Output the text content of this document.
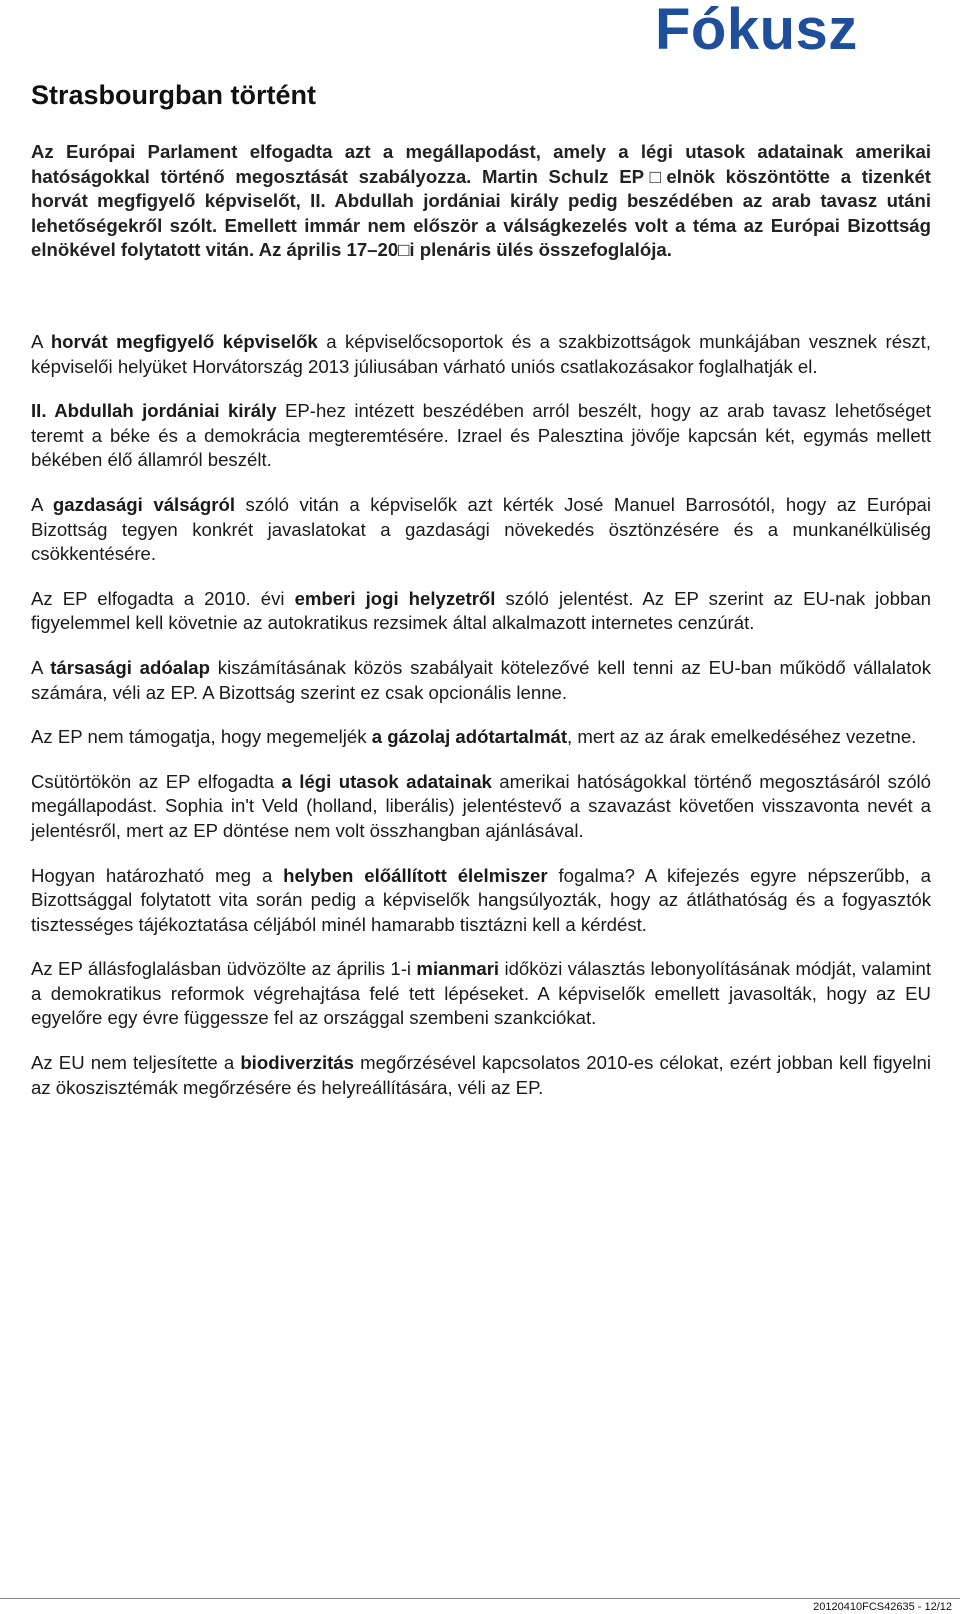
Fókusz
Strasbourgban történt

Az Európai Parlament elfogadta azt a megállapodást, amely a légi utasok adatainak amerikai hatóságokkal történő megosztását szabályozza. Martin Schulz EP□elnök köszöntötte a tizenkét horvát megfigyelő képviselőt, II. Abdullah jordániai király pedig beszédében az arab tavasz utáni lehetőségekről szólt. Emellett immár nem először a válságkezelés volt a téma az Európai Bizottság elnökével folytatott vitán. Az április 17–20□i plenáris ülés összefoglalója.

A horvát megfigyelő képviselők a képviselőcsoportok és a szakbizottságok munkájában vesznek részt, képviselői helyüket Horvátország 2013 júliusában várható uniós csatlakozásakor foglalhatják el.

II. Abdullah jordániai király EP-hez intézett beszédében arról beszélt, hogy az arab tavasz lehetőséget teremt a béke és a demokrácia megteremtésére. Izrael és Palesztina jövője kapcsán két, egymás mellett békében élő államról beszélt.

A gazdasági válságról szóló vitán a képviselők azt kérték José Manuel Barrosótól, hogy az Európai Bizottság tegyen konkrét javaslatokat a gazdasági növekedés ösztönzésére és a munkanélküliség csökkentésére.

Az EP elfogadta a 2010. évi emberi jogi helyzetről szóló jelentést. Az EP szerint az EU-nak jobban figyelemmel kell követnie az autokratikus rezsimek által alkalmazott internetes cenzúrát.

A társasági adóalap kiszámításának közös szabályait kötelezővé kell tenni az EU-ban működő vállalatok számára, véli az EP. A Bizottság szerint ez csak opcionális lenne.

Az EP nem támogatja, hogy megemeljék a gázolaj adótartalmát, mert az az árak emelkedéséhez vezetne.

Csütörtökön az EP elfogadta a légi utasok adatainak amerikai hatóságokkal történő megosztásáról szóló megállapodást. Sophia in't Veld (holland, liberális) jelentéstevő a szavazást követően visszavonta nevét a jelentésről, mert az EP döntése nem volt összhangban ajánlásával.

Hogyan határozható meg a helyben előállított élelmiszer fogalma? A kifejezés egyre népszerűbb, a Bizottsággal folytatott vita során pedig a képviselők hangsúlyozták, hogy az átláthatóság és a fogyasztók tisztességes tájékoztatása céljából minél hamarabb tisztázni kell a kérdést.

Az EP állásfoglalásban üdvözölte az április 1-i mianmari időközi választás lebonyolításának módját, valamint a demokratikus reformok végrehajtása felé tett lépéseket. A képviselők emellett javasolták, hogy az EU egyelőre egy évre függessze fel az országgal szembeni szankciókat.

Az EU nem teljesítette a biodiverzitás megőrzésével kapcsolatos 2010-es célokat, ezért jobban kell figyelni az ökoszisztémák megőrzésére és helyreállítására, véli az EP.

20120410FCS42635 - 12/12
